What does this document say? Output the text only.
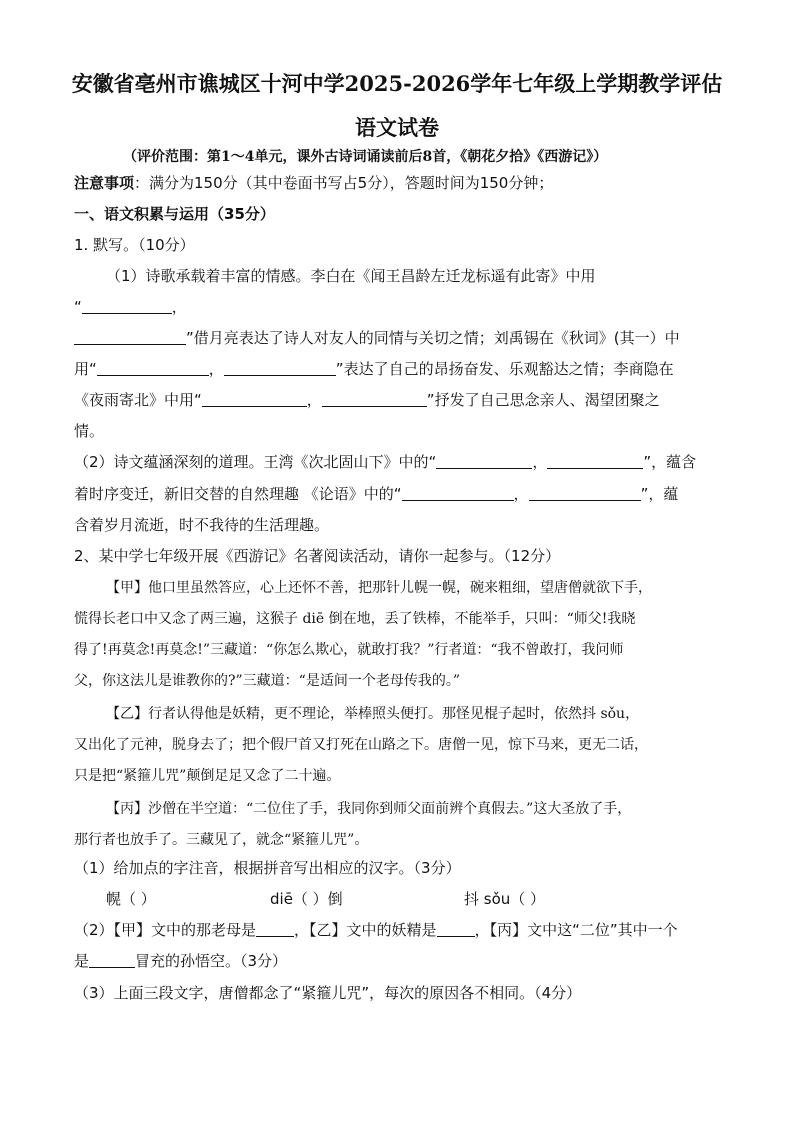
安徽省亳州市谯城区十河中学2025-2026学年七年级上学期教学评估
语文试卷
（评价范围：第1～4单元，课外古诗词诵读前后8首，《朝花夕拾》《西游记》）
注意事项：满分为150分（其中卷面书写占5分），答题时间为150分钟；
一、语文积累与运用（35分）
1. 默写。（10分）
（1）诗歌承载着丰富的情感。李白在《闻王昌龄左迁龙标遥有此寄》中用
“	，
”借月亮表达了诗人对友人的同情与关切之情；刘禹锡在《秋词》(其一）中
用“	，	”表达了自己的昂扬奋发、乐观豁达之情；李商隐在
《夜雨寄北》中用“	，	”抒发了自己思念亲人、渴望团聚之
情。
（2）诗文蕴涵深刻的道理。王湾《次北固山下》中的“	，	”，蕴含
着时序变迁，新旧交替的自然理趣 《论语》中的“	，	”，蕴
含着岁月流逝，时不我待的生活理趣。
2、某中学七年级开展《西游记》名著阅读活动，请你一起参与。（12分）
【甲】他口里虽然答应，心上还怀不善，把那针儿幌一幌，碗来粗细，望唐僧就欲下手，
慌得长老口中又念了两三遍，这猴子 diē 倒在地，丢了铁棒，不能举手，只叫：“师父!我晓
得了!再莫念!再莫念!”三藏道：“你怎么欺心，就敢打我？”行者道：“我不曾敢打，我问师
父，你这法儿是谁教你的?”三藏道：“是适间一个老母传我的。”
【乙】行者认得他是妖精，更不理论，举棒照头便打。那怪见棍子起时，依然抖 sǒu，
又出化了元神，脱身去了；把个假尸首又打死在山路之下。唐僧一见，惊下马来，更无二话，
只是把“紧箍儿咒”颠倒足足又念了二十遍。
【丙】沙僧在半空道：“二位住了手，我同你到师父面前辨个真假去。”这大圣放了手，
那行者也放手了。三藏见了，就念“紧箍儿咒”。
（1）给加点的字注音，根据拼音写出相应的汉字。（3分）
幌（ ）	diē（ ）倒	抖 sǒu（ ）
（2）【甲】文中的那老母是	，【乙】文中的妖精是	，【丙】文中这“二位”其中一个
是	冒充的孙悟空。（3分）
（3）上面三段文字，唐僧都念了“紧箍儿咒”，每次的原因各不相同。（4分）
